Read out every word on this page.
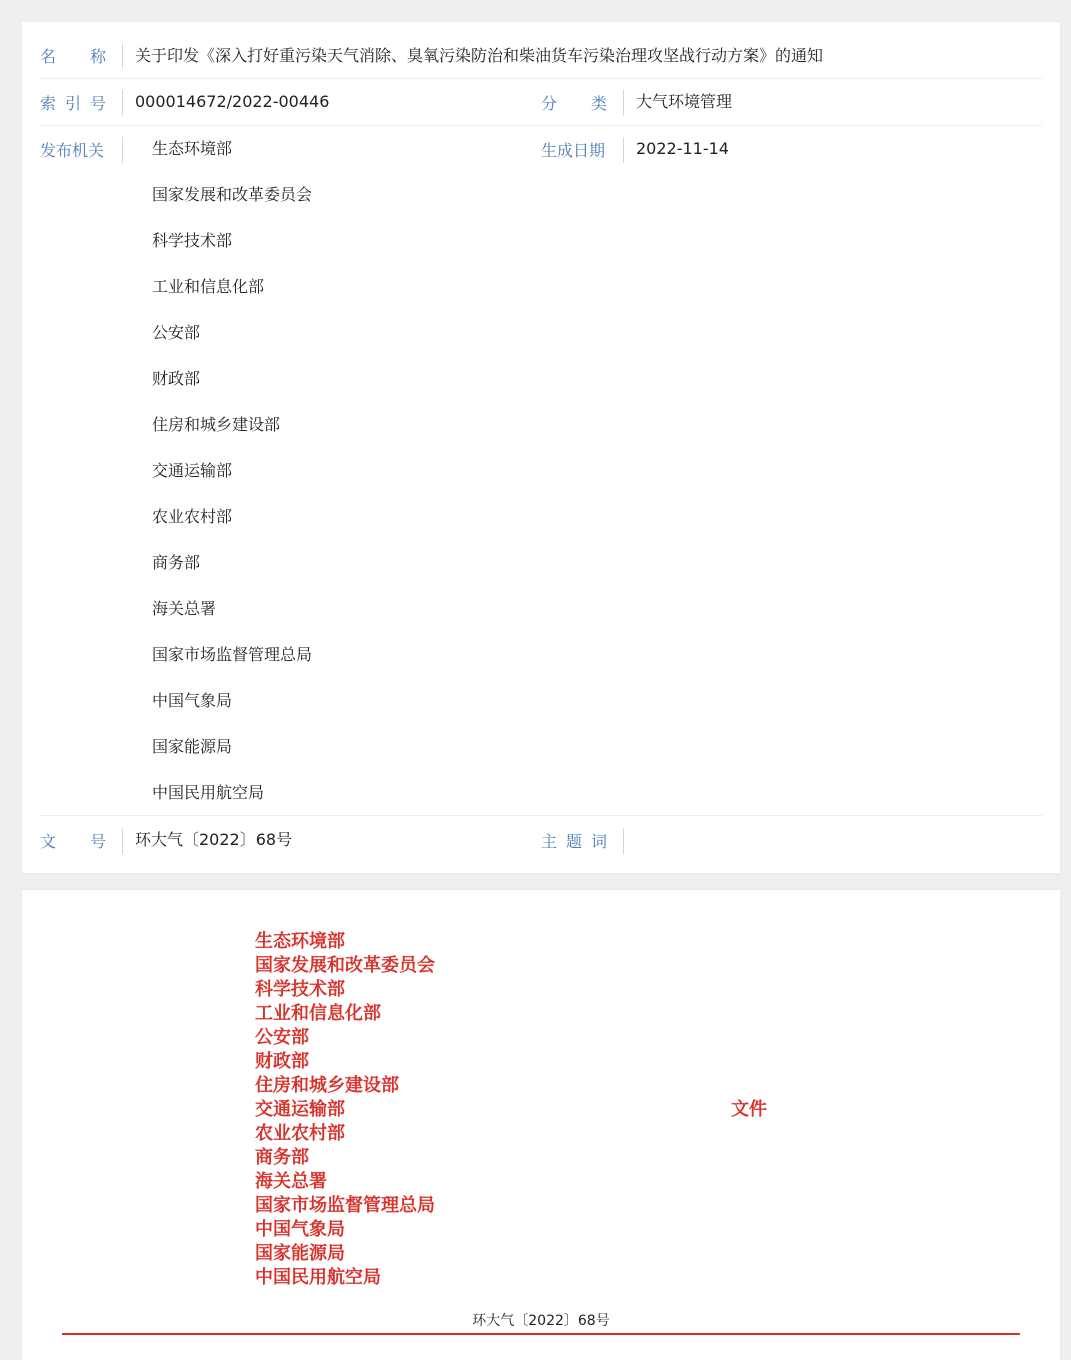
名 称 关于印发《深入打好重污染天气消除、臭氧污染防治和柴油货车污染治理攻坚战行动方案》的通知
索 引 号 000014672/2022-00446	分 类 大气环境管理
发布机关	生态环境部
国家发展和改革委员会
科学技术部
工业和信息化部
公安部
财政部
住房和城乡建设部
交通运输部
农业农村部
商务部
海关总署
国家市场监督管理总局
中国气象局
国家能源局
中国民用航空局
生成日期 2022-11-14
文 号 环大气〔2022〕68号	主 题 词
生态环境部
国家发展和改革委员会
科学技术部
工业和信息化部
公安部
财政部
住房和城乡建设部
交通运输部
农业农村部
商务部
海关总署
国家市场监督管理总局
中国气象局
国家能源局
中国民用航空局
文件
环大气〔2022〕68号
